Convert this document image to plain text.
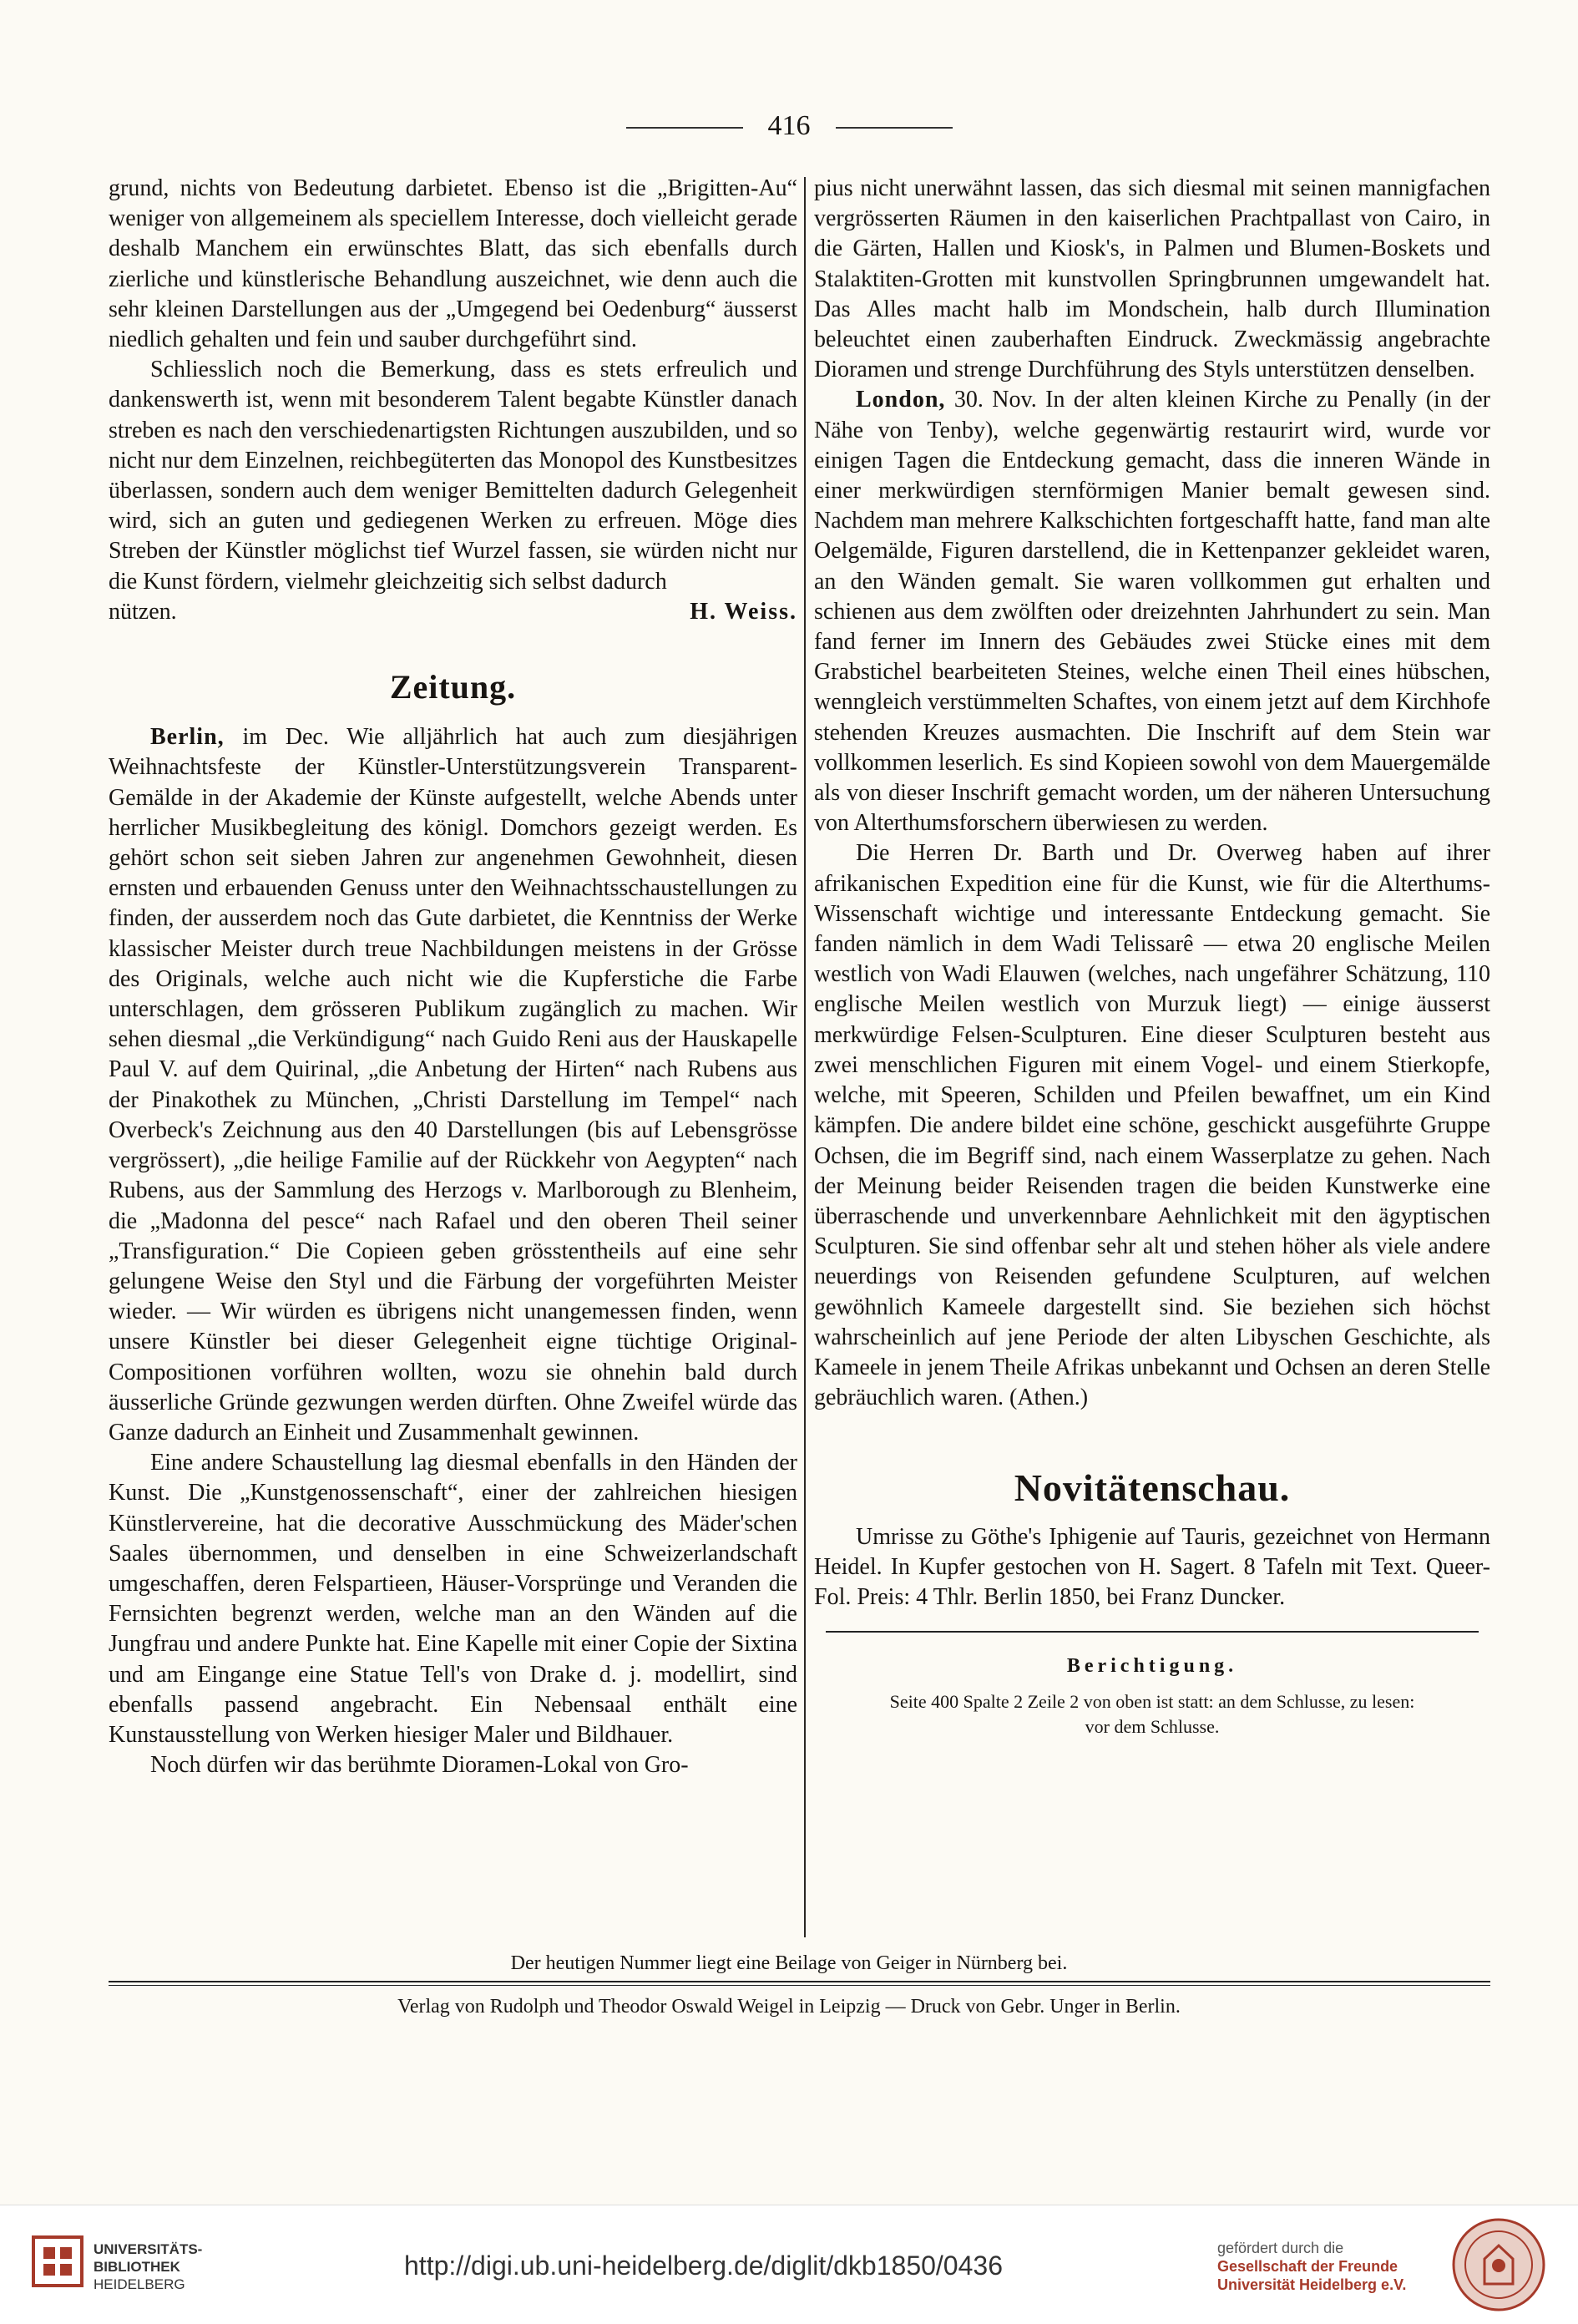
416

grund, nichts von Bedeutung darbietet. Ebenso ist die „Brigitten-Au“ weniger von allgemeinem als speciellem Interesse, doch vielleicht gerade deshalb Manchem ein erwünschtes Blatt, das sich ebenfalls durch zierliche und künstlerische Behandlung auszeichnet, wie denn auch die sehr kleinen Darstellungen aus der „Umgegend bei Oedenburg“ äusserst niedlich gehalten und fein und sauber durchgeführt sind.

Schliesslich noch die Bemerkung, dass es stets erfreulich und dankenswerth ist, wenn mit besonderem Talent begabte Künstler danach streben es nach den verschiedenartigsten Richtungen auszubilden, und so nicht nur dem Einzelnen, reichbegüterten das Monopol des Kunstbesitzes überlassen, sondern auch dem weniger Bemittelten dadurch Gelegenheit wird, sich an guten und gediegenen Werken zu erfreuen. Möge dies Streben der Künstler möglichst tief Wurzel fassen, sie würden nicht nur die Kunst fördern, vielmehr gleichzeitig sich selbst dadurch

nützen.	H. Weiss.
Zeitung.

Berlin, im Dec. Wie alljährlich hat auch zum diesjährigen Weihnachtsfeste der Künstler-Unterstützungsverein Transparent-Gemälde in der Akademie der Künste aufgestellt, welche Abends unter herrlicher Musikbegleitung des königl. Domchors gezeigt werden. Es gehört schon seit sieben Jahren zur angenehmen Gewohnheit, diesen ernsten und erbauenden Genuss unter den Weihnachtsschaustellungen zu finden, der ausserdem noch das Gute darbietet, die Kenntniss der Werke klassischer Meister durch treue Nachbildungen meistens in der Grösse des Originals, welche auch nicht wie die Kupferstiche die Farbe unterschlagen, dem grösseren Publikum zugänglich zu machen. Wir sehen diesmal „die Verkündigung“ nach Guido Reni aus der Hauskapelle Paul V. auf dem Quirinal, „die Anbetung der Hirten“ nach Rubens aus der Pinakothek zu München, „Christi Darstellung im Tempel“ nach Overbeck's Zeichnung aus den 40 Darstellungen (bis auf Lebensgrösse vergrössert), „die heilige Familie auf der Rückkehr von Aegypten“ nach Rubens, aus der Sammlung des Herzogs v. Marlborough zu Blenheim, die „Madonna del pesce“ nach Rafael und den oberen Theil seiner „Transfiguration.“ Die Copieen geben grösstentheils auf eine sehr gelungene Weise den Styl und die Färbung der vorgeführten Meister wieder. — Wir würden es übrigens nicht unangemessen finden, wenn unsere Künstler bei dieser Gelegenheit eigne tüchtige Original-Compositionen vorführen wollten, wozu sie ohnehin bald durch äusserliche Gründe gezwungen werden dürften. Ohne Zweifel würde das Ganze dadurch an Einheit und Zusammenhalt gewinnen.

Eine andere Schaustellung lag diesmal ebenfalls in den Händen der Kunst. Die „Kunstgenossenschaft“, einer der zahlreichen hiesigen Künstlervereine, hat die decorative Ausschmückung des Mäder'schen Saales übernommen, und denselben in eine Schweizerlandschaft umgeschaffen, deren Felspartieen, Häuser-Vorsprünge und Veranden die Fernsichten begrenzt werden, welche man an den Wänden auf die Jungfrau und andere Punkte hat. Eine Kapelle mit einer Copie der Sixtina und am Eingange eine Statue Tell's von Drake d. j. modellirt, sind ebenfalls passend angebracht. Ein Nebensaal enthält eine Kunstausstellung von Werken hiesiger Maler und Bildhauer.

Noch dürfen wir das berühmte Dioramen-Lokal von Gro-

pius nicht unerwähnt lassen, das sich diesmal mit seinen mannigfachen vergrösserten Räumen in den kaiserlichen Prachtpallast von Cairo, in die Gärten, Hallen und Kiosk's, in Palmen und Blumen-Boskets und Stalaktiten-Grotten mit kunstvollen Springbrunnen umgewandelt hat. Das Alles macht halb im Mondschein, halb durch Illumination beleuchtet einen zauberhaften Eindruck. Zweckmässig angebrachte Dioramen und strenge Durchführung des Styls unterstützen denselben.

London, 30. Nov. In der alten kleinen Kirche zu Penally (in der Nähe von Tenby), welche gegenwärtig restaurirt wird, wurde vor einigen Tagen die Entdeckung gemacht, dass die inneren Wände in einer merkwürdigen sternförmigen Manier bemalt gewesen sind. Nachdem man mehrere Kalkschichten fortgeschafft hatte, fand man alte Oelgemälde, Figuren darstellend, die in Kettenpanzer gekleidet waren, an den Wänden gemalt. Sie waren vollkommen gut erhalten und schienen aus dem zwölften oder dreizehnten Jahrhundert zu sein. Man fand ferner im Innern des Gebäudes zwei Stücke eines mit dem Grabstichel bearbeiteten Steines, welche einen Theil eines hübschen, wenngleich verstümmelten Schaftes, von einem jetzt auf dem Kirchhofe stehenden Kreuzes ausmachten. Die Inschrift auf dem Stein war vollkommen leserlich. Es sind Kopieen sowohl von dem Mauergemälde als von dieser Inschrift gemacht worden, um der näheren Untersuchung von Alterthumsforschern überwiesen zu werden.

Die Herren Dr. Barth und Dr. Overweg haben auf ihrer afrikanischen Expedition eine für die Kunst, wie für die Alterthums-Wissenschaft wichtige und interessante Entdeckung gemacht. Sie fanden nämlich in dem Wadi Telissarê — etwa 20 englische Meilen westlich von Wadi Elauwen (welches, nach ungefährer Schätzung, 110 englische Meilen westlich von Murzuk liegt) — einige äusserst merkwürdige Felsen-Sculpturen. Eine dieser Sculpturen besteht aus zwei menschlichen Figuren mit einem Vogel- und einem Stierkopfe, welche, mit Speeren, Schilden und Pfeilen bewaffnet, um ein Kind kämpfen. Die andere bildet eine schöne, geschickt ausgeführte Gruppe Ochsen, die im Begriff sind, nach einem Wasserplatze zu gehen. Nach der Meinung beider Reisenden tragen die beiden Kunstwerke eine überraschende und unverkennbare Aehnlichkeit mit den ägyptischen Sculpturen. Sie sind offenbar sehr alt und stehen höher als viele andere neuerdings von Reisenden gefundene Sculpturen, auf welchen gewöhnlich Kameele dargestellt sind. Sie beziehen sich höchst wahrscheinlich auf jene Periode der alten Libyschen Geschichte, als Kameele in jenem Theile Afrikas unbekannt und Ochsen an deren Stelle gebräuchlich waren. (Athen.)

Novitätenschau.

Umrisse zu Göthe's Iphigenie auf Tauris, gezeichnet von Hermann Heidel. In Kupfer gestochen von H. Sagert. 8 Tafeln mit Text. Queer-Fol. Preis: 4 Thlr. Berlin 1850, bei Franz Duncker.

Berichtigung.
Seite 400 Spalte 2 Zeile 2 von oben ist statt: an dem Schlusse, zu lesen:
vor dem Schlusse.
Der heutigen Nummer liegt eine Beilage von Geiger in Nürnberg bei.
Verlag von Rudolph und Theodor Oswald Weigel in Leipzig — Druck von Gebr. Unger in Berlin.
UNIVERSITÄTS-
BIBLIOTHEK
HEIDELBERG
http://digi.ub.uni-heidelberg.de/diglit/dkb1850/0436
gefördert durch die
Gesellschaft der Freunde
Universität Heidelberg e.V.
